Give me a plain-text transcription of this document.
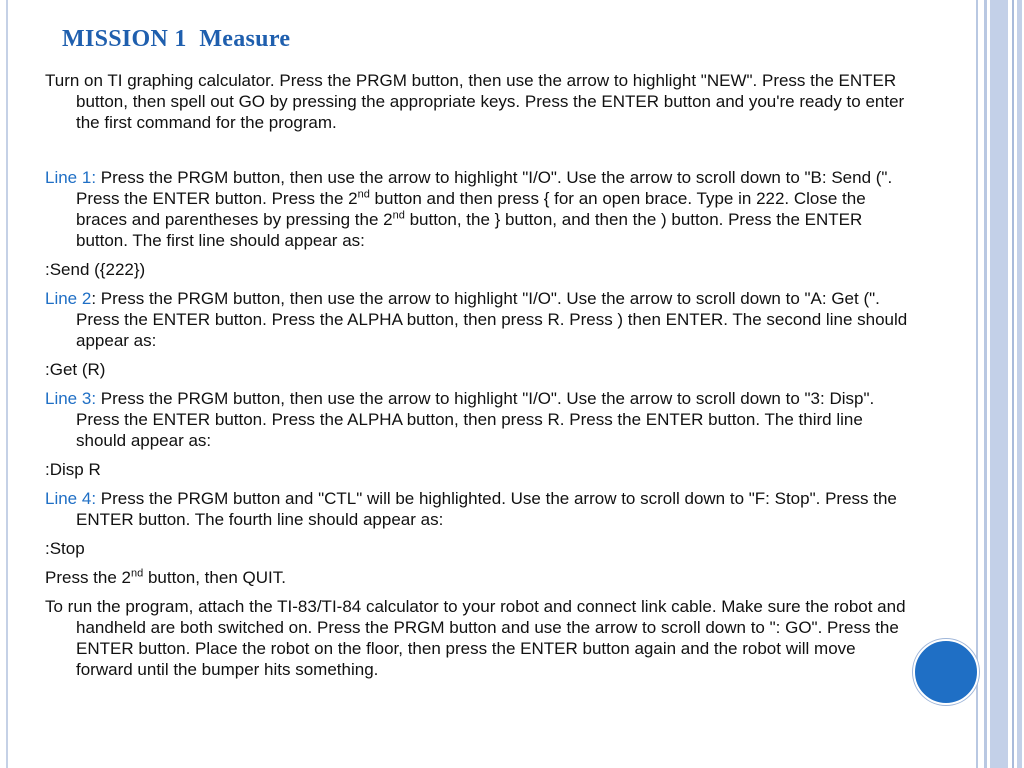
MISSION 1  Measure

Turn on TI graphing calculator. Press the PRGM button, then use the arrow to highlight "NEW". Press the ENTER button, then spell out GO by pressing the appropriate keys. Press the ENTER button and you're ready to enter the first command for the program.

Line 1: Press the PRGM button, then use the arrow to highlight "I/O". Use the arrow to scroll down to "B: Send (". Press the ENTER button. Press the 2nd button and then press { for an open brace. Type in 222. Close the braces and parentheses by pressing the 2nd button, the } button, and then the ) button. Press the ENTER button. The first line should appear as:

:Send ({222})

Line 2: Press the PRGM button, then use the arrow to highlight "I/O". Use the arrow to scroll down to "A: Get (". Press the ENTER button. Press the ALPHA button, then press R. Press ) then ENTER. The second line should appear as:

:Get (R)

Line 3: Press the PRGM button, then use the arrow to highlight "I/O". Use the arrow to scroll down to "3: Disp". Press the ENTER button. Press the ALPHA button, then press R. Press the ENTER button. The third line should appear as:

:Disp R

Line 4: Press the PRGM button and "CTL" will be highlighted. Use the arrow to scroll down to "F: Stop". Press the ENTER button. The fourth line should appear as:

:Stop

Press the 2nd button, then QUIT.

To run the program, attach the TI-83/TI-84 calculator to your robot and connect link cable. Make sure the robot and handheld are both switched on. Press the PRGM button and use the arrow to scroll down to ": GO". Press the ENTER button. Place the robot on the floor, then press the ENTER button again and the robot will move forward until the bumper hits something.
